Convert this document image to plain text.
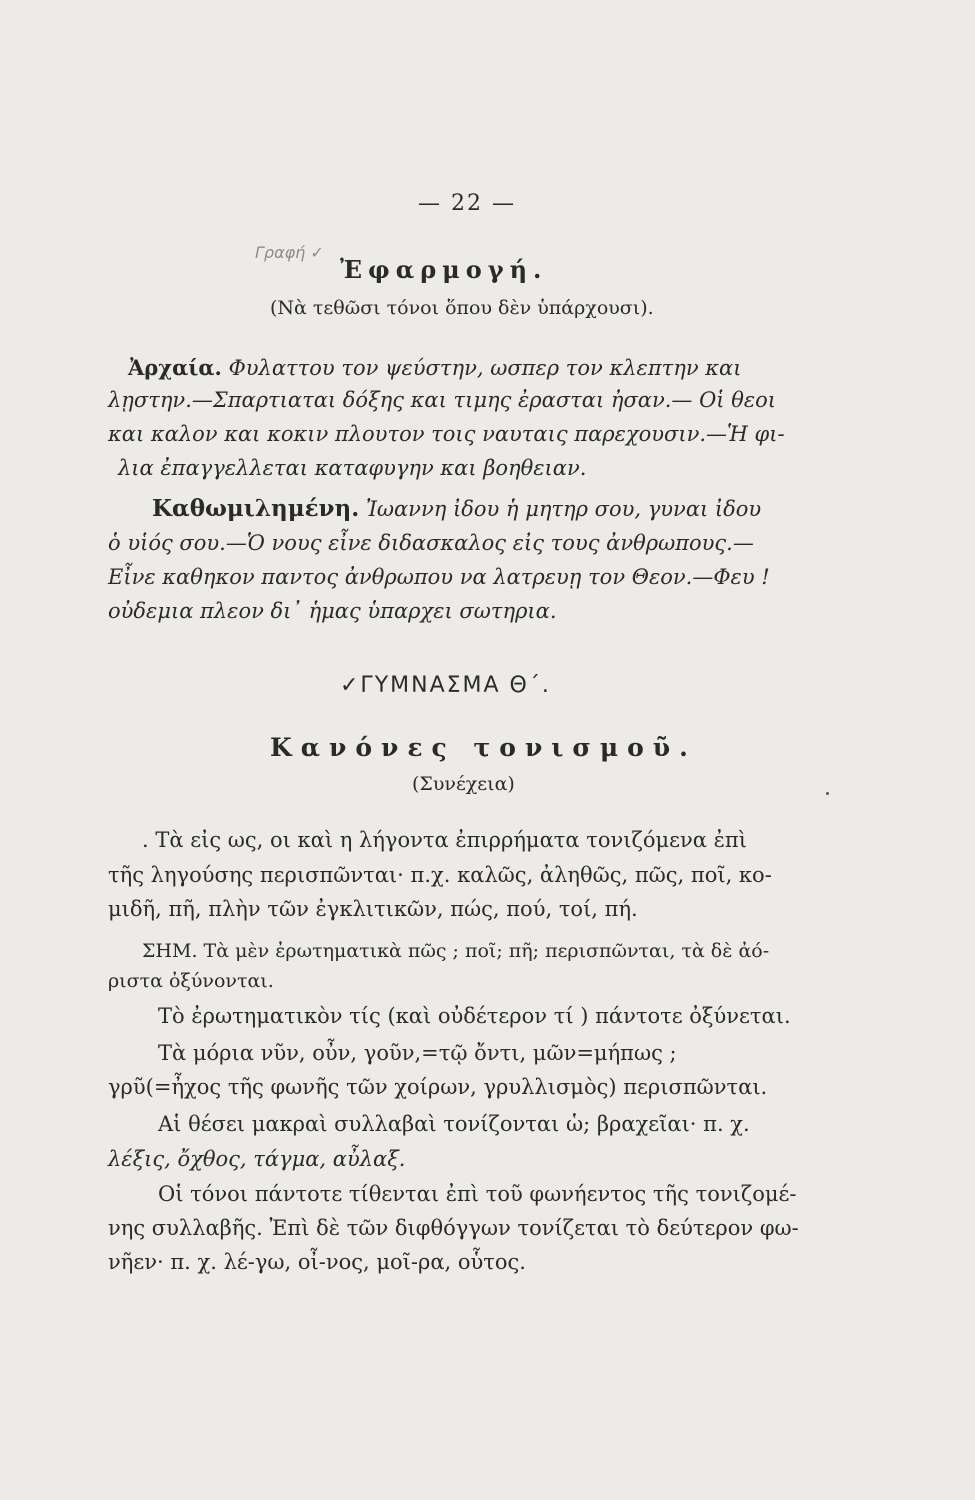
— 22 —
Γραφή ✓
Ἐφαρμογή.
(Νὰ τεθῶσι τόνοι ὅπου δὲν ὑπάρχουσι).
Ἀρχαία. Φυλαττου τον ψεύστην, ωσπερ τον κλεπτην και
λῃστην.—Σπαρτιαται δόξης και τιμης ἐρασται ἠσαν.— Οἱ θεοι
και καλον και κοκιν πλουτον τοις ναυταις παρεχουσιν.—Ἡ φι-
λια ἐπαγγελλεται καταφυγην και βοηθειαν.
Καθωμιλημένη. Ἰωαννη ἰδου ἡ μητηρ σου, γυναι ἰδου
ὁ υἱός σου.—Ὁ νους εἶνε διδασκαλος εἰς τους ἀνθρωπους.—
Εἶνε καθηκον παντος ἀνθρωπου να λατρευῃ τον Θεον.—Φευ !
οὐδεμια πλεον δι᾽ ἡμας ὑπαρχει σωτηρια.
✓ΓΥΜΝΑΣΜΑ Θ΄.
Κανόνες τονισμοῦ.
(Συνέχεια)
. Τὰ εἰς ως, οι καὶ η λήγοντα ἐπιρρήματα τονιζόμενα ἐπὶ
τῆς ληγούσης περισπῶνται· π.χ. καλῶς, ἀληθῶς, πῶς, ποῖ, κο-
μιδῆ, πῆ, πλὴν τῶν ἐγκλιτικῶν, πώς, πού, τοί, πή.
ΣΗΜ. Τὰ μὲν ἐρωτηματικὰ πῶς ; ποῖ; πῆ; περισπῶνται, τὰ δὲ ἀό-
ριστα ὀξύνονται.
Τὸ ἐρωτηματικὸν τίς (καὶ οὐδέτερον τί ) πάντοτε ὀξύνεται.
Τὰ μόρια νῦν, οὖν, γοῦν,=τῷ ὄντι, μῶν=μήπως ;
γρῦ(=ἦχος τῆς φωνῆς τῶν χοίρων, γρυλλισμὸς) περισπῶνται.
Αἱ θέσει μακραὶ συλλαβαὶ τονίζονται ὡ; βραχεῖαι· π. χ.
λέξις, ὄχθος, τάγμα, αὖλαξ.
Οἱ τόνοι πάντοτε τίθενται ἐπὶ τοῦ φωνήεντος τῆς τονιζομέ-
νης συλλαβῆς. Ἐπὶ δὲ τῶν διφθόγγων τονίζεται τὸ δεύτερον φω-
νῆεν· π. χ. λέ-γω, οἶ-νος, μοῖ-ρα, οὗτος.
